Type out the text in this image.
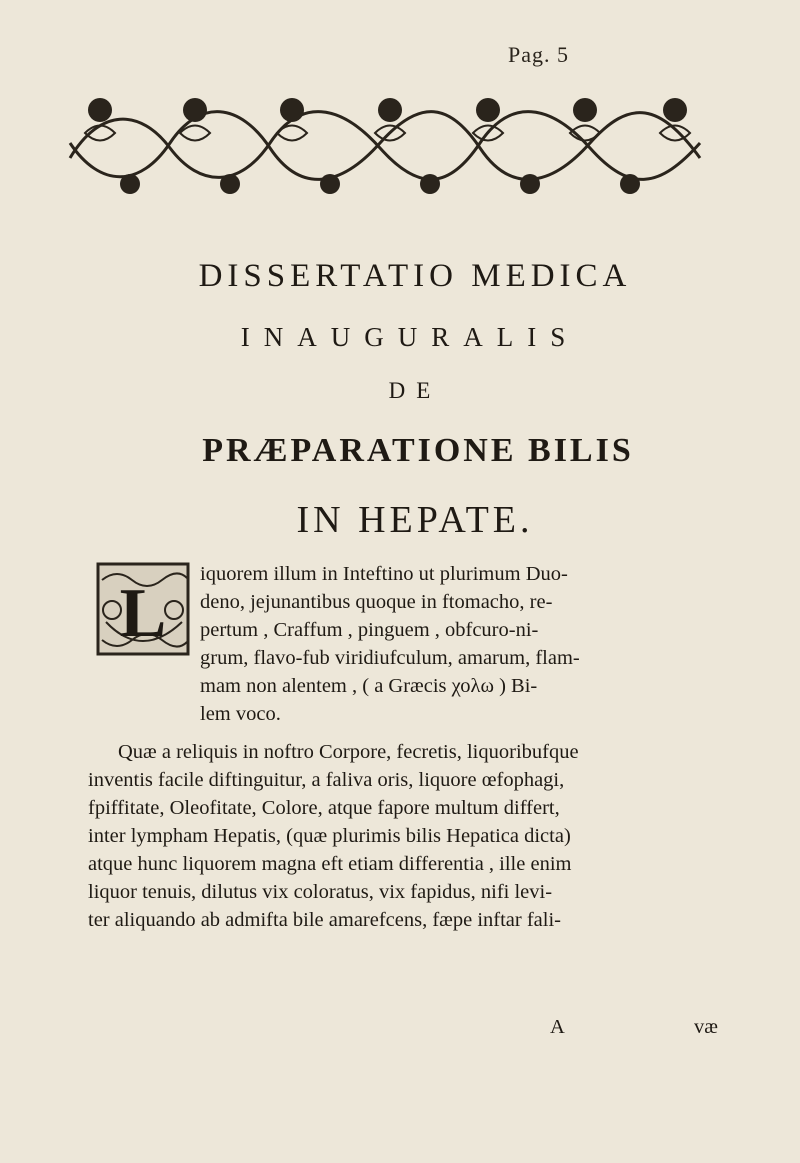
Pag. 5
DISSERTATIO MEDICA
INAUGURALIS
DE
PRÆPARATIONE BILIS
IN HEPATE.
L
iquorem illum in Inteftino ut plurimum Duo-
deno, jejunantibus quoque in ftomacho, re-
pertum , Craffum , pinguem , obfcuro-ni-
grum, flavo-fub viridiufculum, amarum, flam-
mam non alentem , ( a Græcis χολω ) Bi-
lem voco.
Quæ a reliquis in noftro Corpore, fecretis, liquoribufque
inventis facile diftinguitur, a faliva oris, liquore œfophagi,
fpiffitate, Oleofitate, Colore, atque fapore multum differt,
inter lympham Hepatis, (quæ plurimis bilis Hepatica dicta)
atque hunc liquorem magna eft etiam differentia , ille enim
liquor tenuis, dilutus vix coloratus, vix fapidus, nifi levi-
ter aliquando ab admifta bile amarefcens, fæpe inftar fali-
A	væ
